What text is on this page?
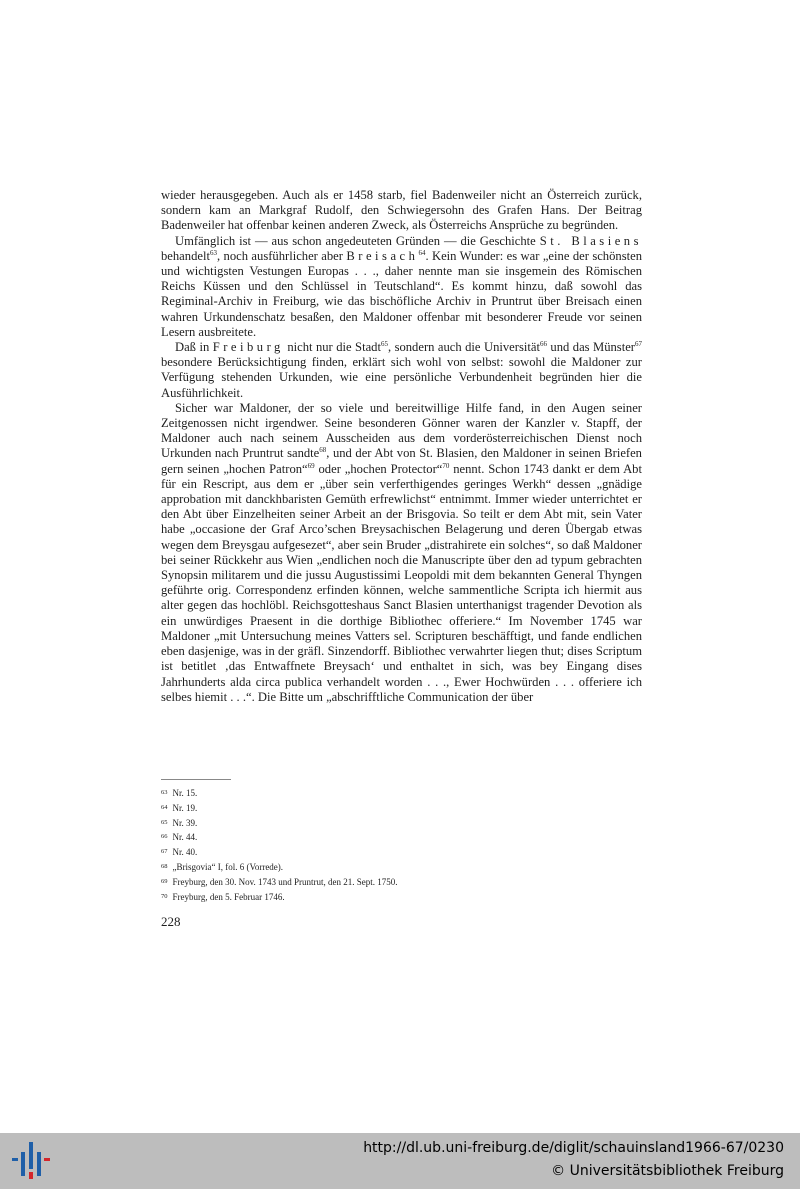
wieder herausgegeben. Auch als er 1458 starb, fiel Badenweiler nicht an Österreich zurück, sondern kam an Markgraf Rudolf, den Schwiegersohn des Grafen Hans. Der Beitrag Badenweiler hat offenbar keinen anderen Zweck, als Österreichs Ansprüche zu begründen.

Umfänglich ist — aus schon angedeuteten Gründen — die Geschichte St. Blasiens behandelt$^{63}$, noch ausführlicher aber Breisach$^{64}$. Kein Wunder: es war „eine der schönsten und wichtigsten Vestungen Europas . . ., daher nennte man sie insgemein des Römischen Reichs Küssen und den Schlüssel in Teutschland“. Es kommt hinzu, daß sowohl das Regiminal-Archiv in Freiburg, wie das bischöfliche Archiv in Pruntrut über Breisach einen wahren Urkundenschatz besaßen, den Maldoner offenbar mit besonderer Freude vor seinen Lesern ausbreitete.

Daß in Freiburg nicht nur die Stadt$^{65}$, sondern auch die Universität$^{66}$ und das Münster$^{67}$ besondere Berücksichtigung finden, erklärt sich wohl von selbst: sowohl die Maldoner zur Verfügung stehenden Urkunden, wie eine persönliche Verbundenheit begründen hier die Ausführlichkeit.

Sicher war Maldoner, der so viele und bereitwillige Hilfe fand, in den Augen seiner Zeitgenossen nicht irgendwer. Seine besonderen Gönner waren der Kanzler v. Stapff, der Maldoner auch nach seinem Ausscheiden aus dem vorderösterreichischen Dienst noch Urkunden nach Pruntrut sandte$^{68}$, und der Abt von St. Blasien, den Maldoner in seinen Briefen gern seinen „hochen Patron“$^{69}$ oder „hochen Protector“$^{70}$ nennt. Schon 1743 dankt er dem Abt für ein Rescript, aus dem er „über sein verferthigendes geringes Werkh“ dessen „gnädige approbation mit danckhbaristen Gemüth erfrewlichst“ entnimmt. Immer wieder unterrichtet er den Abt über Einzelheiten seiner Arbeit an der Brisgovia. So teilt er dem Abt mit, sein Vater habe „occasione der Graf Arco’schen Breysachischen Belagerung und deren Übergab etwas wegen dem Breysgau aufgesezet“, aber sein Bruder „distrahirete ein solches“, so daß Maldoner bei seiner Rückkehr aus Wien „endlichen noch die Manuscripte über den ad typum gebrachten Synopsin militarem und die jussu Augustissimi Leopoldi mit dem bekannten General Thyngen geführte orig. Correspondenz erfinden können, welche sammentliche Scripta ich hiermit aus alter gegen das hochlöbl. Reichsgotteshaus Sanct Blasien unterthanigst tragender Devotion als ein unwürdiges Praesent in die dorthige Bibliothec offeriere.“ Im November 1745 war Maldoner „mit Untersuchung meines Vatters sel. Scripturen beschäfftigt, und fande endlichen eben dasjenige, was in der gräfl. Sinzendorff. Bibliothec verwahrter liegen thut; dises Scriptum ist betitlet ‚das Entwaffnete Breysach‘ und enthaltet in sich, was bey Eingang dises Jahrhunderts alda circa publica verhandelt worden . . ., Ewer Hochwürden . . . offeriere ich selbes hiemit . . .“. Die Bitte um „abschrifftliche Communication der über

$^{63}$ Nr. 15.
$^{64}$ Nr. 19.
$^{65}$ Nr. 39.
$^{66}$ Nr. 44.
$^{67}$ Nr. 40.
$^{68}$ „Brisgovia“ I, fol. 6 (Vorrede).
$^{69}$ Freyburg, den 30. Nov. 1743 und Pruntrut, den 21. Sept. 1750.
$^{70}$ Freyburg, den 5. Februar 1746.
228
http://dl.ub.uni-freiburg.de/diglit/schauinsland1966-67/0230
© Universitätsbibliothek Freiburg
